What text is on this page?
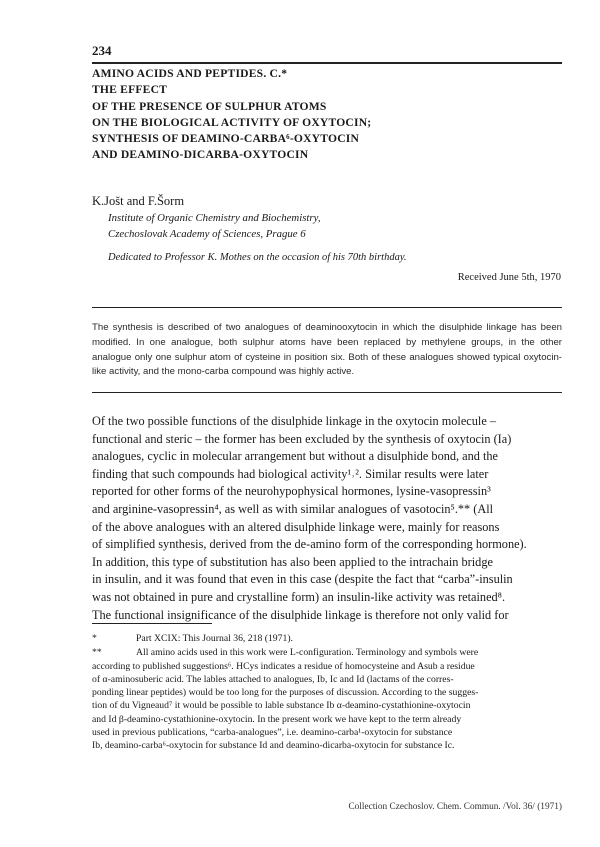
234
AMINO ACIDS AND PEPTIDES. C.*
THE EFFECT
OF THE PRESENCE OF SULPHUR ATOMS
ON THE BIOLOGICAL ACTIVITY OF OXYTOCIN;
SYNTHESIS OF DEAMINO-CARBA⁶-OXYTOCIN
AND DEAMINO-DICARBA-OXYTOCIN
K.Jošt and F.Šorm
Institute of Organic Chemistry and Biochemistry,
Czechoslovak Academy of Sciences, Prague 6
Dedicated to Professor K. Mothes on the occasion of his 70th birthday.
Received June 5th, 1970
The synthesis is described of two analogues of deaminooxytocin in which the disulphide linkage has been modified. In one analogue, both sulphur atoms have been replaced by methylene groups, in the other analogue only one sulphur atom of cysteine in position six. Both of these analogues showed typical oxytocin-like activity, and the mono-carba compound was highly active.
Of the two possible functions of the disulphide linkage in the oxytocin molecule –
functional and steric – the former has been excluded by the synthesis of oxytocin (Ia)
analogues, cyclic in molecular arrangement but without a disulphide bond, and the
finding that such compounds had biological activity¹˒². Similar results were later
reported for other forms of the neurohypophysical hormones, lysine-vasopressin³
and arginine-vasopressin⁴, as well as with similar analogues of vasotocin⁵.** (All
of the above analogues with an altered disulphide linkage were, mainly for reasons
of simplified synthesis, derived from the de-amino form of the corresponding hormone).
In addition, this type of substitution has also been applied to the intrachain bridge
in insulin, and it was found that even in this case (despite the fact that “carba”-insulin
was not obtained in pure and crystalline form) an insulin-like activity was retained⁸.
The functional insignificance of the disulphide linkage is therefore not only valid for
*	Part XCIX: This Journal 36, 218 (1971).
**	All amino acids used in this work were L-configuration. Terminology and symbols were
according to published suggestions⁶. HCys indicates a residue of homocysteine and Asub a residue
of α-aminosuberic acid. The lables attached to analogues, Ib, Ic and Id (lactams of the corres-
ponding linear peptides) would be too long for the purposes of discussion. According to the sugges-
tion of du Vigneaud⁷ it would be possible to lable substance Ib α-deamino-cystathionine-oxytocin
and Id β-deamino-cystathionine-oxytocin. In the present work we have kept to the term already
used in previous publications, “carba-analogues”, i.e. deamino-carba¹-oxytocin for substance
Ib, deamino-carba⁶-oxytocin for substance Id and deamino-dicarba-oxytocin for substance Ic.
Collection Czechoslov. Chem. Commun. /Vol. 36/ (1971)
